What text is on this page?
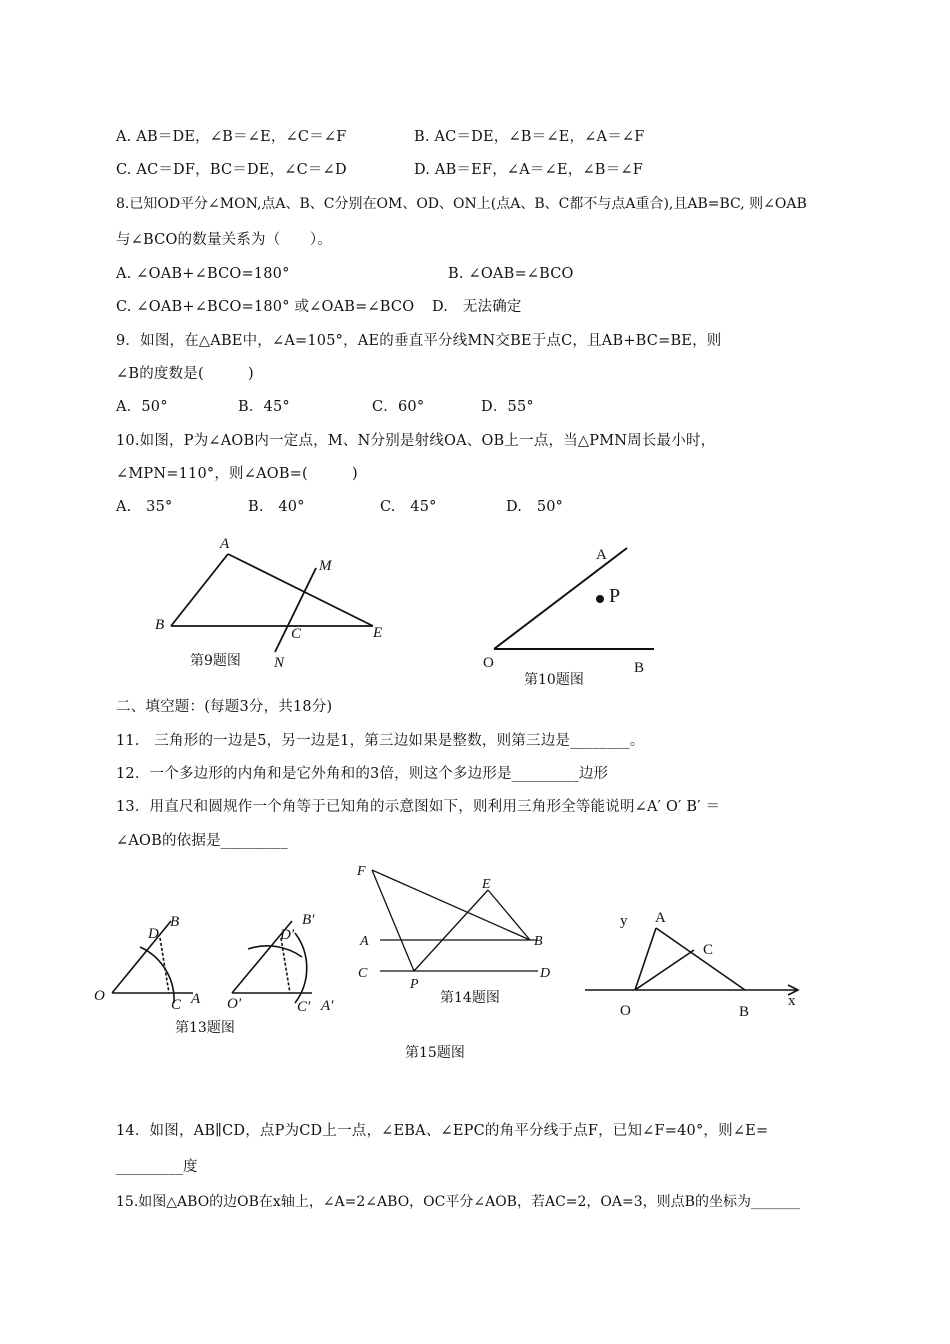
A. AB＝DE，∠B＝∠E，∠C＝∠F	B. AC＝DE，∠B＝∠E，∠A＝∠F
C. AC＝DF，BC＝DE，∠C＝∠D	D. AB＝EF，∠A＝∠E，∠B＝∠F
8.已知OD平分∠MON,点A、B、C分别在OM、OD、ON上(点A、B、C都不与点A重合),且AB=BC, 则∠OAB
与∠BCO的数量关系为（　　）。
A. ∠OAB+∠BCO=180°	B. ∠OAB=∠BCO
C. ∠OAB+∠BCO=180° 或∠OAB=∠BCO D.　无法确定
9．如图，在△ABE中，∠A=105°，AE的垂直平分线MN交BE于点C，且AB+BC=BE，则
∠B的度数是(　　　)
A．50°	B．45°	C．60°	D．55°
10.如图，P为∠AOB内一定点，M、N分别是射线OA、OB上一点，当△PMN周长最小时，
∠MPN=110°，则∠AOB=(　　　)
A.　35°	B.　40°	C.　45°	D.　50°
A
B
C	E
M
N
第9题图
A
P
O	B
第10题图
二、填空题：(每题3分，共18分)
11.　三角形的一边是5，另一边是1，第三边如果是整数，则第三边是________。
12．一个多边形的内角和是它外角和的3倍，则这个多边形是_________边形
13．用直尺和圆规作一个角等于已知角的示意图如下，则利用三角形全等能说明∠A′ O′ B′ ＝
∠AOB的依据是_________
D
B
O
C A
D′
B′
O′	C′ A′
第13题图
F
E
A	B
C
P
D
第14题图
y A
C
O	B
x
第15题图
14．如图，AB∥CD，点P为CD上一点，∠EBA、∠EPC的角平分线于点F，已知∠F=40°，则∠E=
_________度
15.如图△ABO的边OB在x轴上，∠A=2∠ABO，OC平分∠AOB，若AC=2，OA=3，则点B的坐标为_______
